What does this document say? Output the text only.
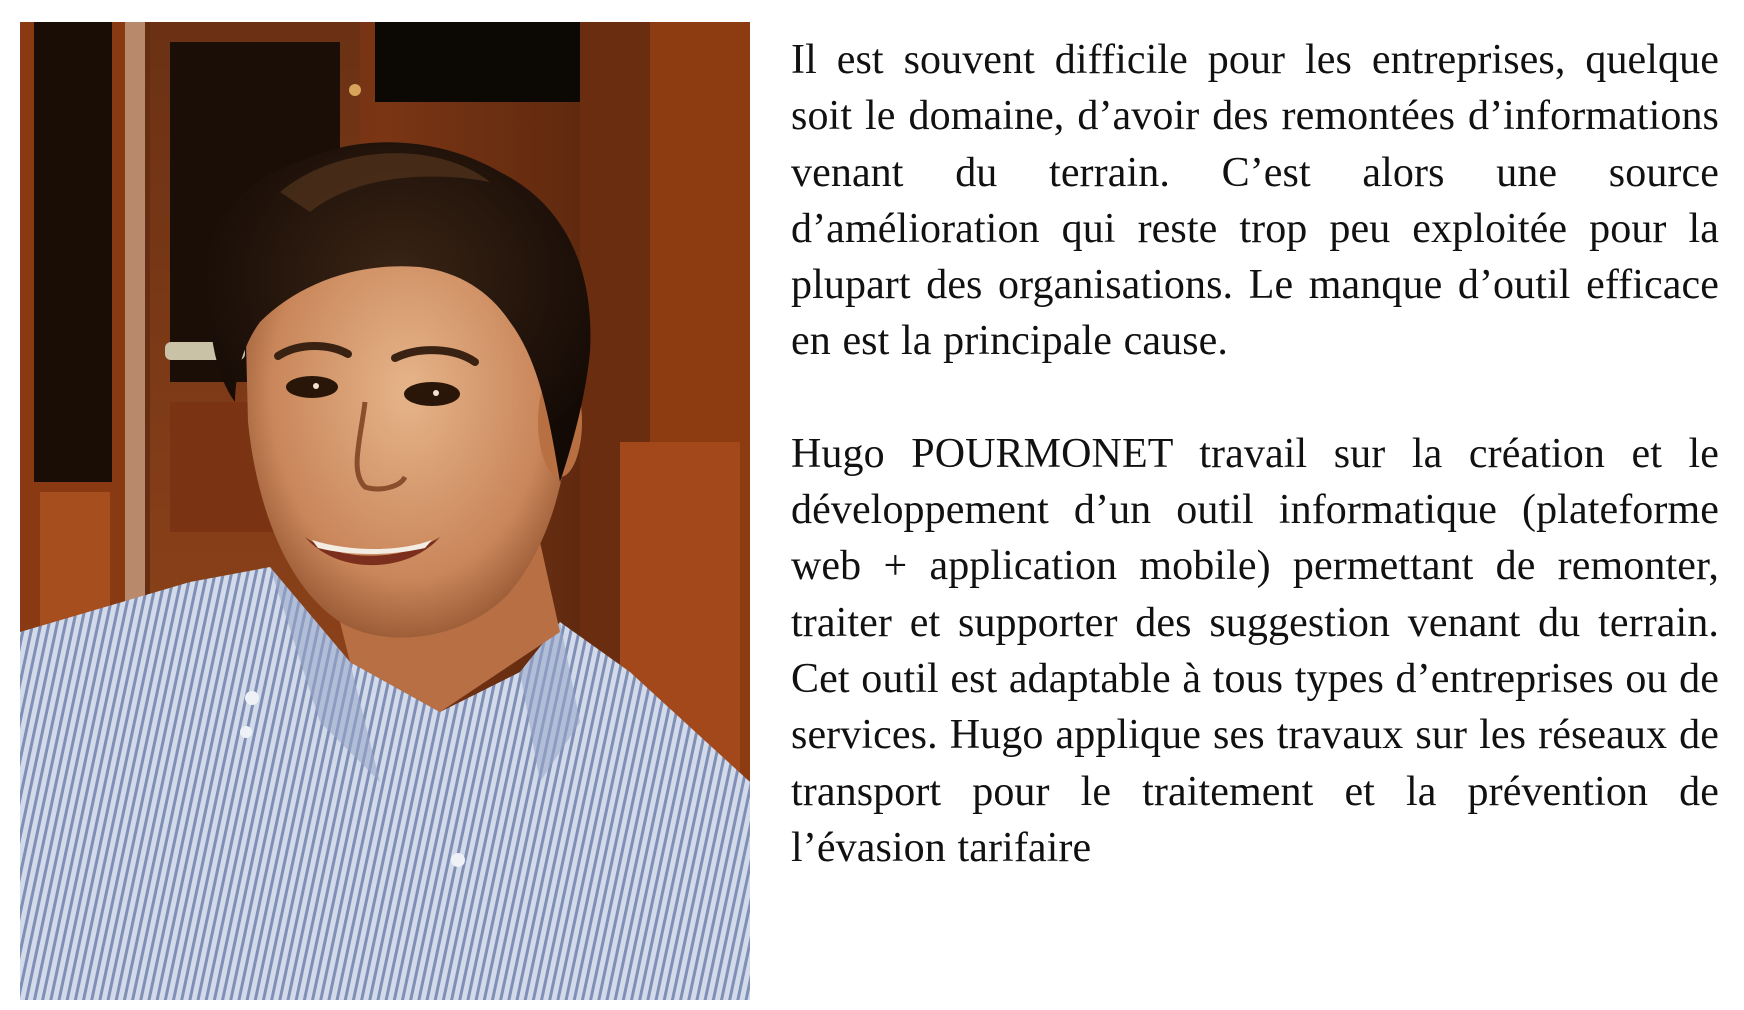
Il est souvent difficile pour les entreprises, quelque soit le domaine, d’avoir des remontées d’informations venant du terrain. C’est alors une source d’amélioration qui reste trop peu exploitée pour la plupart des organisations. Le manque d’outil efficace en est la principale cause.

Hugo POURMONET travail sur la création et le développement d’un outil informatique (plateforme web + application mobile) permettant de remonter, traiter et supporter des suggestion venant du terrain. Cet outil est adaptable à tous types d’entreprises ou de services. Hugo applique ses travaux sur les réseaux de transport pour le traitement et la prévention de l’évasion tarifaire
